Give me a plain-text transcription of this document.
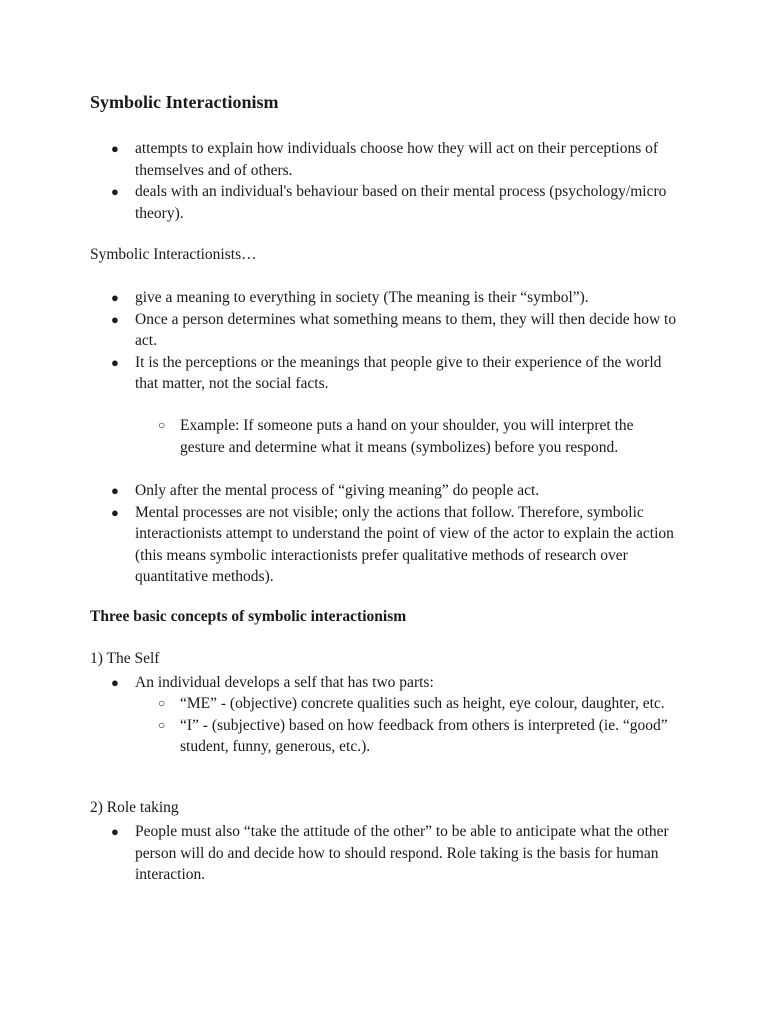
Symbolic Interactionism
● attempts to explain how individuals choose how they will act on their perceptions of themselves and of others.
● deals with an individual's behaviour based on their mental process (psychology/micro theory).

Symbolic Interactionists…

● give a meaning to everything in society (The meaning is their “symbol”).
● Once a person determines what something means to them, they will then decide how to act.
● It is the perceptions or the meanings that people give to their experience of the world that matter, not the social facts.
○ Example: If someone puts a hand on your shoulder, you will interpret the gesture and determine what it means (symbolizes) before you respond.
● Only after the mental process of “giving meaning” do people act.
● Mental processes are not visible; only the actions that follow. Therefore, symbolic interactionists attempt to understand the point of view of the actor to explain the action (this means symbolic interactionists prefer qualitative methods of research over quantitative methods).
Three basic concepts of symbolic interactionism

1) The Self

● An individual develops a self that has two parts:
○ “ME” - (objective) concrete qualities such as height, eye colour, daughter, etc.
○ “I” - (subjective) based on how feedback from others is interpreted (ie. “good” student, funny, generous, etc.).

2) Role taking

● People must also “take the attitude of the other” to be able to anticipate what the other person will do and decide how to should respond. Role taking is the basis for human interaction.
